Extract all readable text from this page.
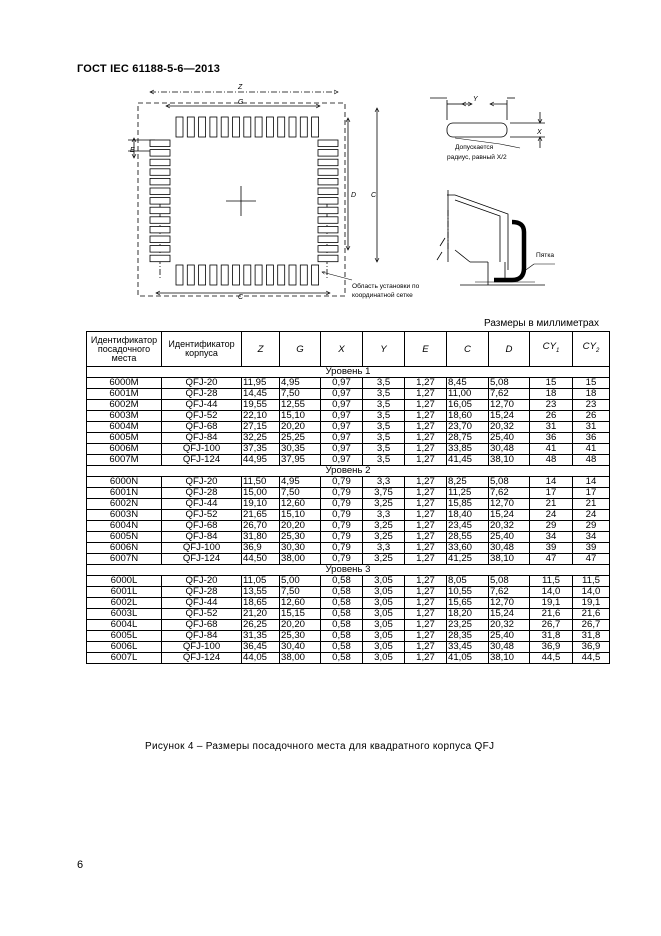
ГОСТ IEC 61188-5-6—2013
Z
G
C
D C
E
Y
X
Область установки по
координатной сетке
Допускается
радиус, равный X/2
Пятка
Размеры в миллиметрах
Идентификатор посадочного места	Идентификатор корпуса	Z	G	X	Y	E	C	D	$CY_1$	$CY_2$
Уровень 1										
6000M	QFJ-20	11,95	4,95	0,97	3,5	1,27	8,45	5,08	15	15
6001M	QFJ-28	14,45	7,50	0,97	3,5	1,27	11,00	7,62	18	18
6002M	QFJ-44	19,55	12,55	0,97	3,5	1,27	16,05	12,70	23	23
6003M	QFJ-52	22,10	15,10	0,97	3,5	1,27	18,60	15,24	26	26
6004M	QFJ-68	27,15	20,20	0,97	3,5	1,27	23,70	20,32	31	31
6005M	QFJ-84	32,25	25,25	0,97	3,5	1,27	28,75	25,40	36	36
6006M	QFJ-100	37,35	30,35	0,97	3,5	1,27	33,85	30,48	41	41
6007M	QFJ-124	44,95	37,95	0,97	3,5	1,27	41,45	38,10	48	48
Уровень 2										
6000N	QFJ-20	11,50	4,95	0,79	3,3	1,27	8,25	5,08	14	14
6001N	QFJ-28	15,00	7,50	0,79	3,75	1,27	11,25	7,62	17	17
6002N	QFJ-44	19,10	12,60	0,79	3,25	1,27	15,85	12,70	21	21
6003N	QFJ-52	21,65	15,10	0,79	3,3	1,27	18,40	15,24	24	24
6004N	QFJ-68	26,70	20,20	0,79	3,25	1,27	23,45	20,32	29	29
6005N	QFJ-84	31,80	25,30	0,79	3,25	1,27	28,55	25,40	34	34
6006N	QFJ-100	36,9	30,30	0,79	3,3	1,27	33,60	30,48	39	39
6007N	QFJ-124	44,50	38,00	0,79	3,25	1,27	41,25	38,10	47	47
Уровень 3										
6000L	QFJ-20	11,05	5,00	0,58	3,05	1,27	8,05	5,08	11,5	11,5
6001L	QFJ-28	13,55	7,50	0,58	3,05	1,27	10,55	7,62	14,0	14,0
6002L	QFJ-44	18,65	12,60	0,58	3,05	1,27	15,65	12,70	19,1	19,1
6003L	QFJ-52	21,20	15,15	0,58	3,05	1,27	18,20	15,24	21,6	21,6
6004L	QFJ-68	26,25	20,20	0,58	3,05	1,27	23,25	20,32	26,7	26,7
6005L	QFJ-84	31,35	25,30	0,58	3,05	1,27	28,35	25,40	31,8	31,8
6006L	QFJ-100	36,45	30,40	0,58	3,05	1,27	33,45	30,48	36,9	36,9
6007L	QFJ-124	44,05	38,00	0,58	3,05	1,27	41,05	38,10	44,5	44,5
Рисунок 4 – Размеры посадочного места для квадратного корпуса QFJ
6
